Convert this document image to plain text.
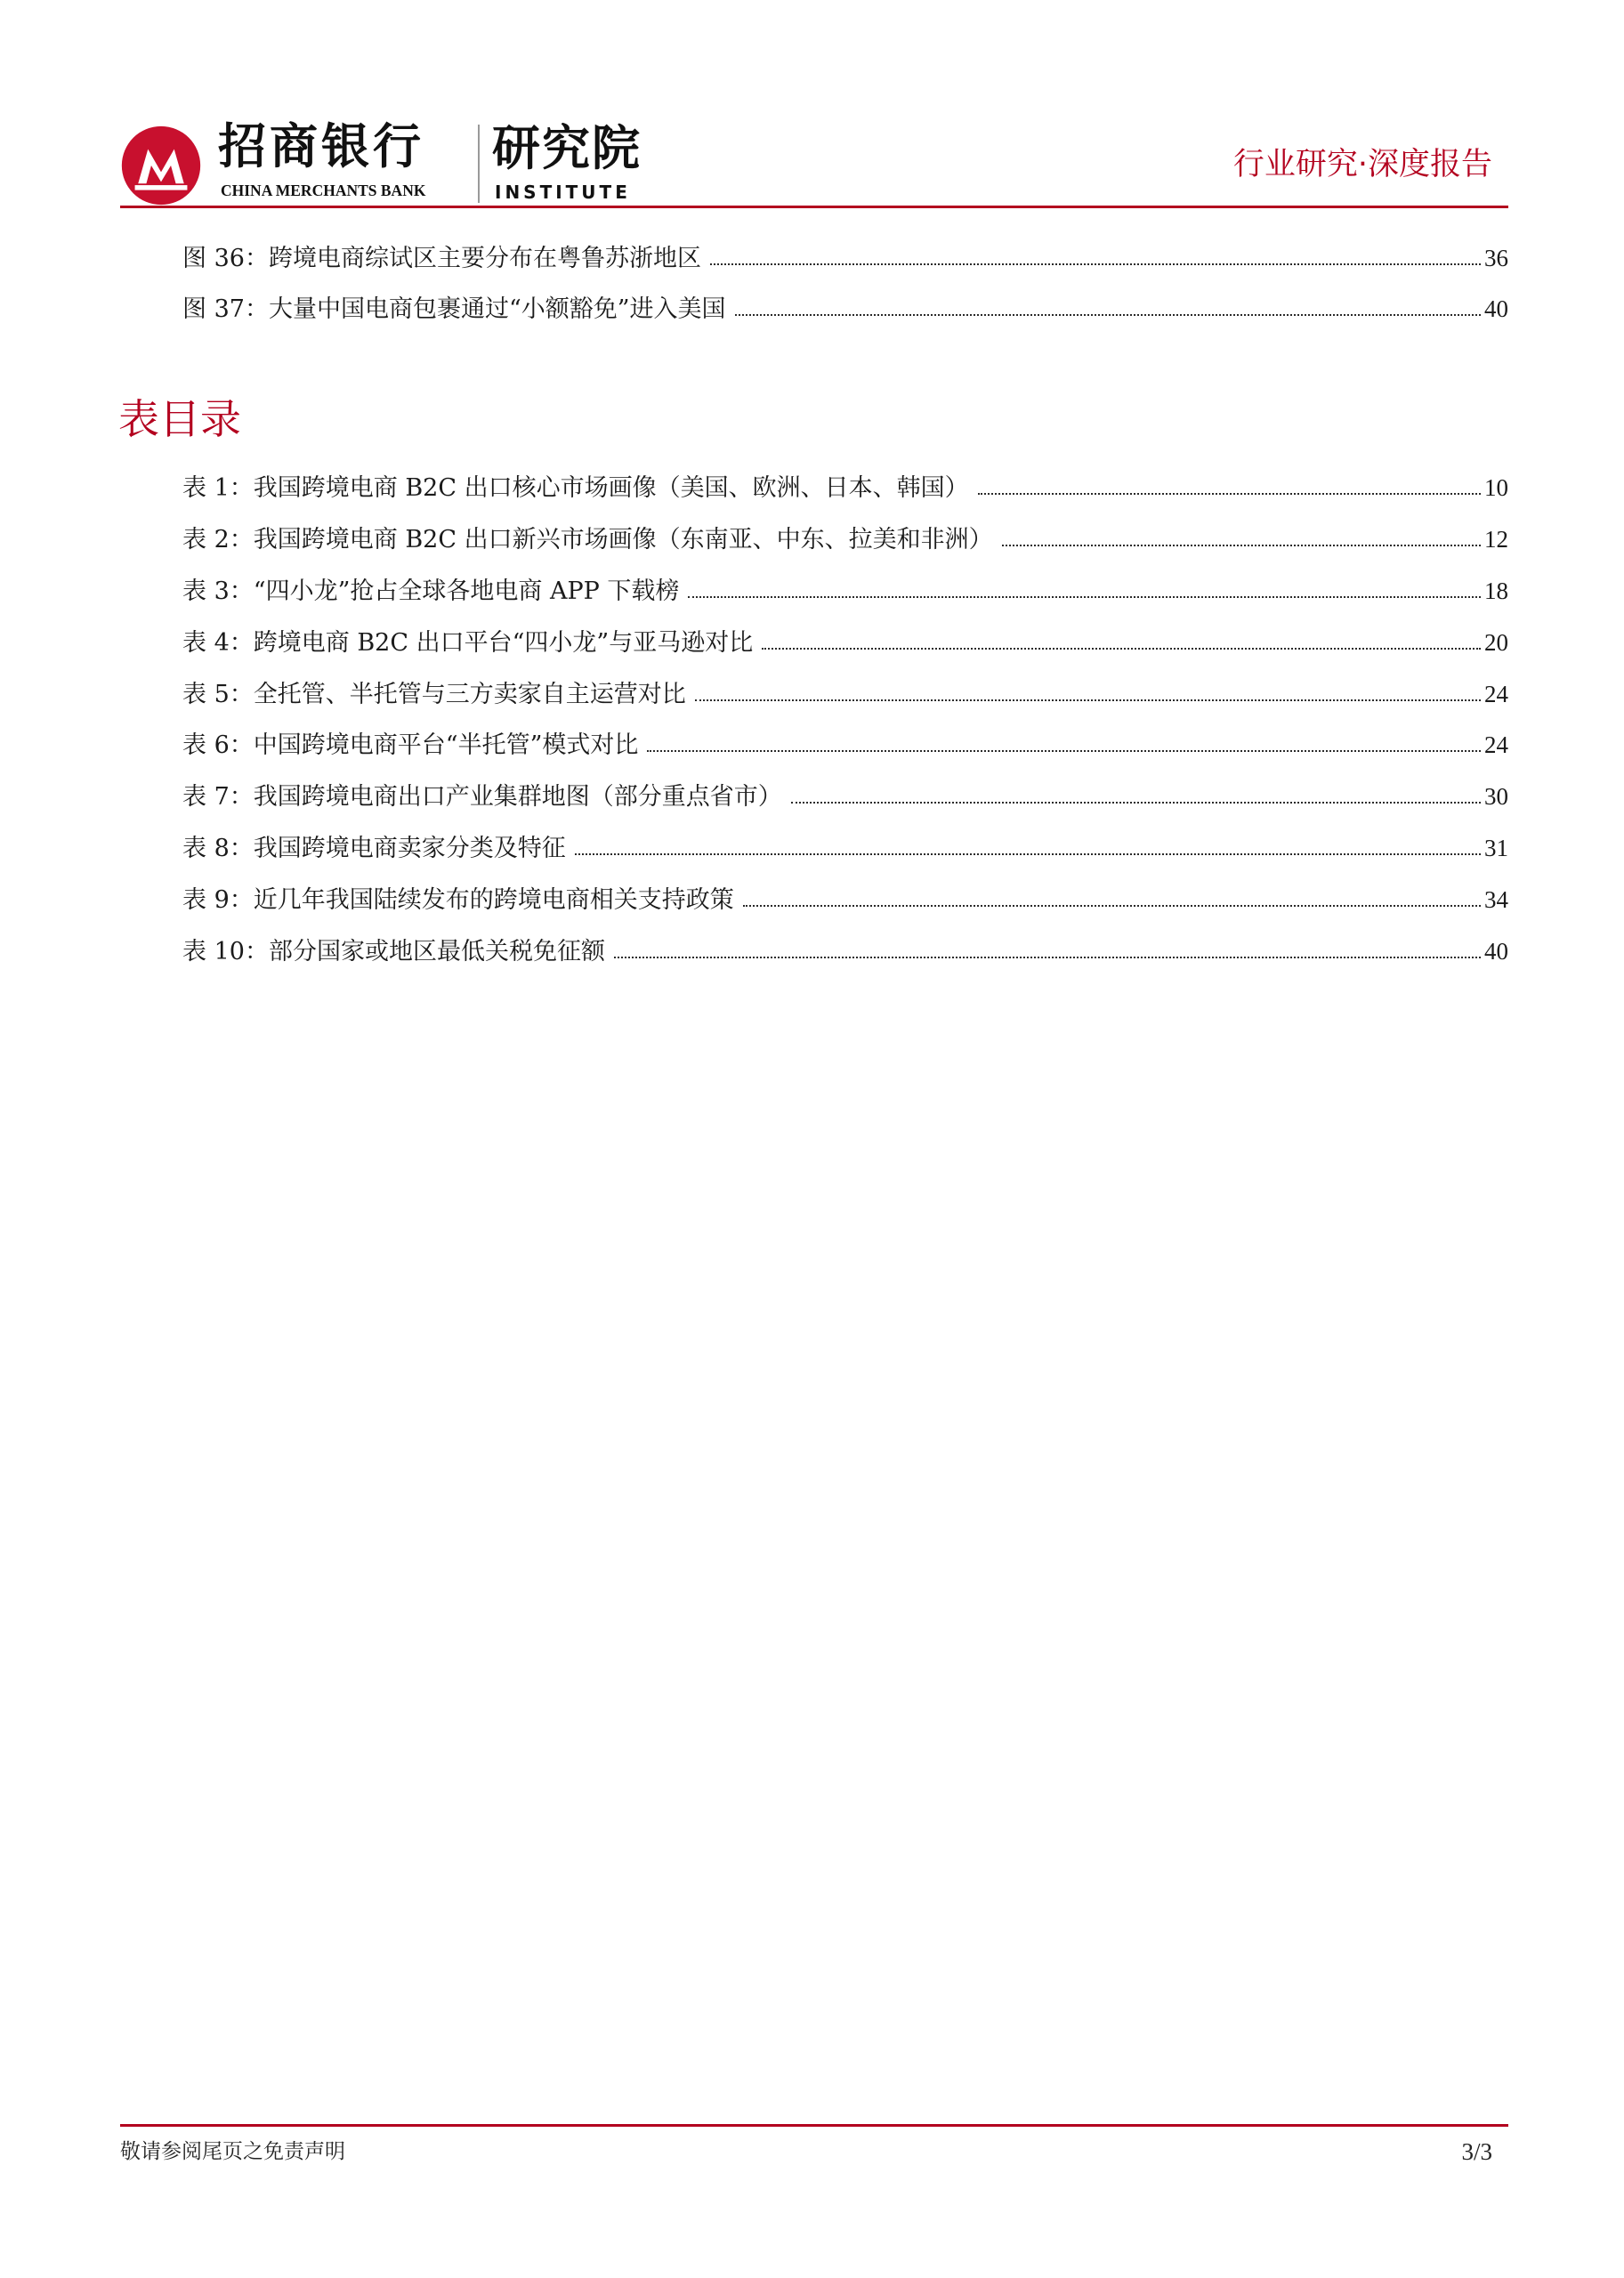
招商银行
CHINA MERCHANTS BANK
研究院
INSTITUTE
行业研究·深度报告
图 36：跨境电商综试区主要分布在粤鲁苏浙地区	36
图 37：大量中国电商包裹通过“小额豁免”进入美国	40
表目录
表 1：我国跨境电商 B2C 出口核心市场画像（美国、欧洲、日本、韩国）	10
表 2：我国跨境电商 B2C 出口新兴市场画像（东南亚、中东、拉美和非洲）	12
表 3：“四小龙”抢占全球各地电商 APP 下载榜	18
表 4：跨境电商 B2C 出口平台“四小龙”与亚马逊对比	20
表 5：全托管、半托管与三方卖家自主运营对比	24
表 6：中国跨境电商平台“半托管”模式对比	24
表 7：我国跨境电商出口产业集群地图（部分重点省市）	30
表 8：我国跨境电商卖家分类及特征	31
表 9：近几年我国陆续发布的跨境电商相关支持政策	34
表 10：部分国家或地区最低关税免征额	40
敬请参阅尾页之免责声明	3/3
